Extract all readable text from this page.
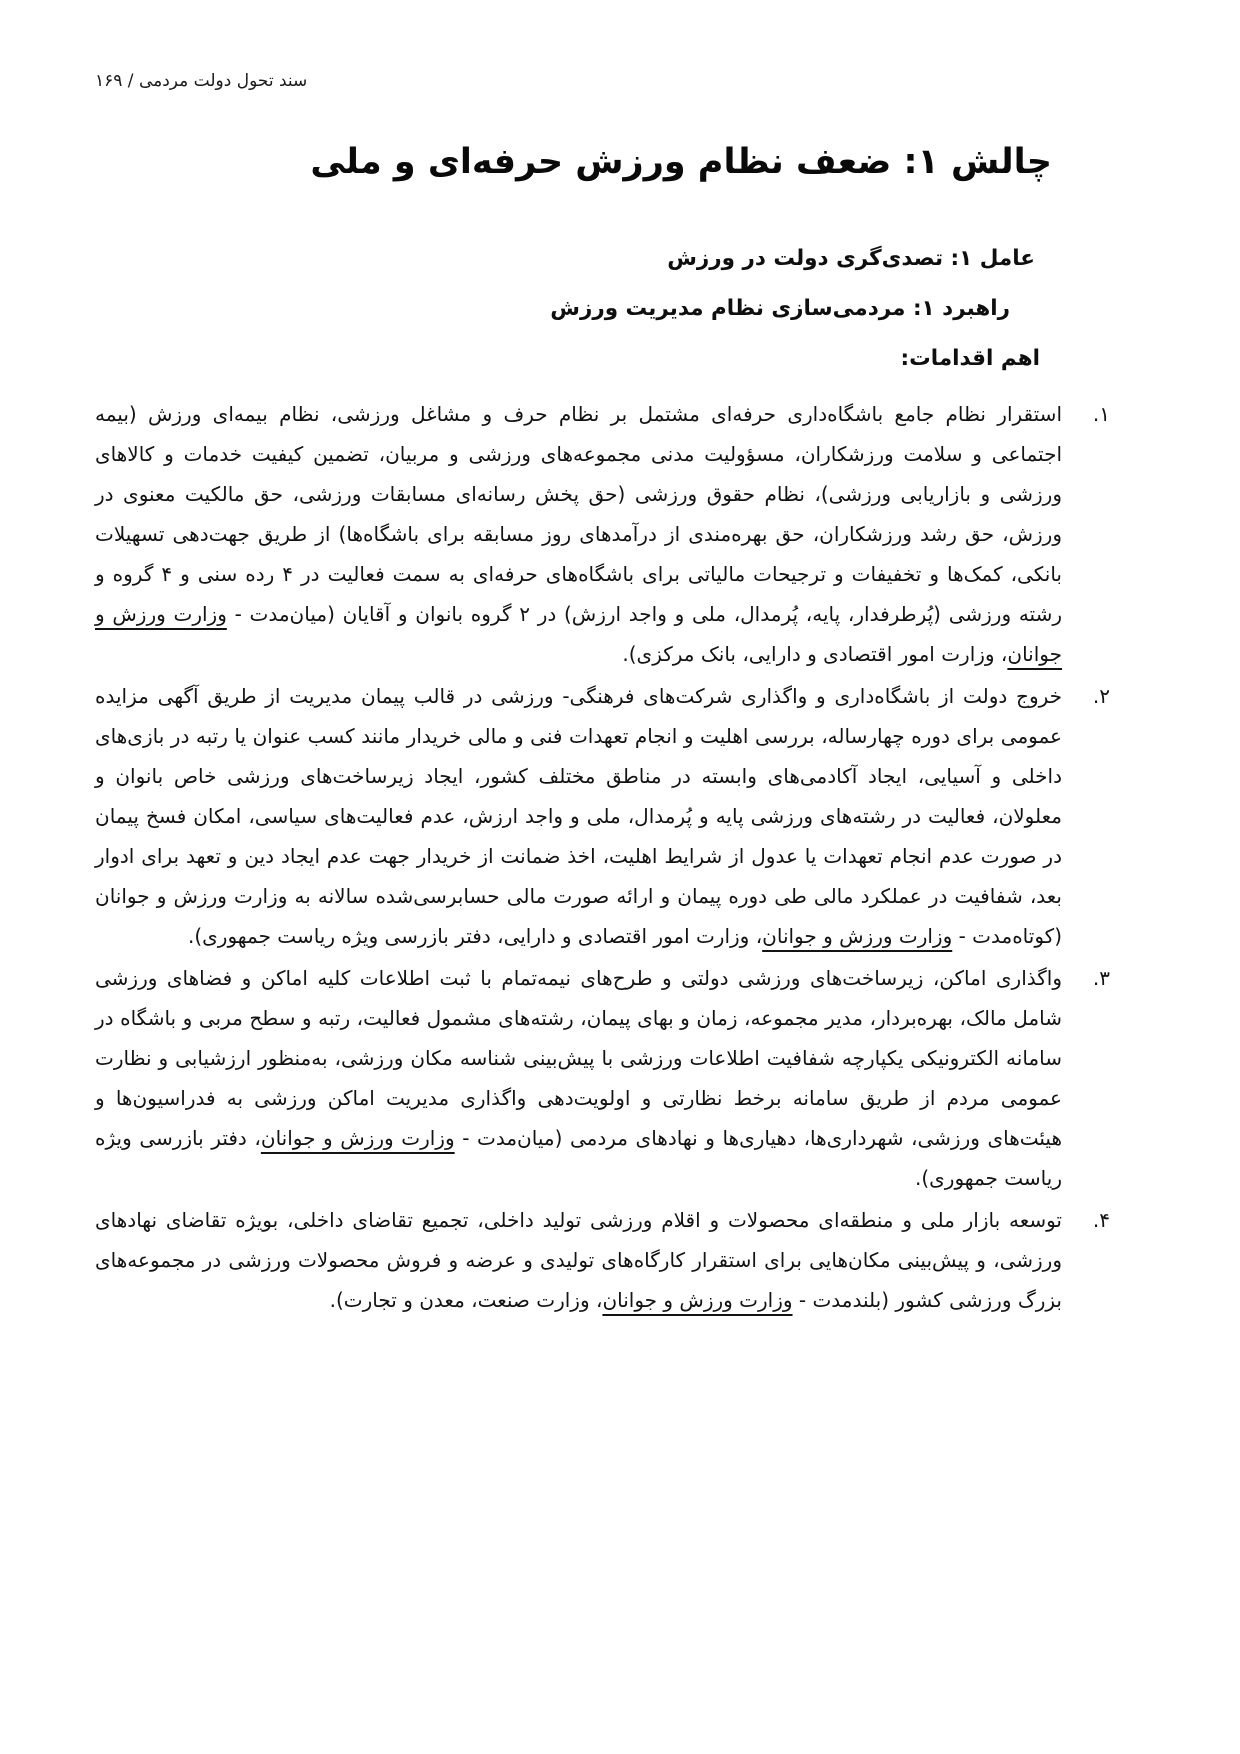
سند تحول دولت مردمی / ۱۶۹
چالش ۱: ضعف نظام ورزش حرفه‌ای و ملی
عامل ۱: تصدی‌گری دولت در ورزش
راهبرد ۱: مردمی‌سازی نظام مدیریت ورزش
اهم اقدامات:
۱.
استقرار نظام جامع باشگاه‌داری حرفه‌ای مشتمل بر نظام حرف و مشاغل ورزشی، نظام بیمه‌ای ورزش (بیمه اجتماعی و سلامت ورزشکاران، مسؤولیت مدنی مجموعه‌های ورزشی و مربیان، تضمین کیفیت خدمات و کالاهای ورزشی و بازاریابی ورزشی)، نظام حقوق ورزشی (حق پخش رسانه‌ای مسابقات ورزشی، حق مالکیت معنوی در ورزش، حق رشد ورزشکاران، حق بهره‌مندی از درآمدهای روز مسابقه برای باشگاه‌ها) از طریق جهت‌دهی تسهیلات بانکی، کمک‌ها و تخفیفات و ترجیحات مالیاتی برای باشگاه‌های حرفه‌ای به سمت فعالیت در ۴ رده سنی و ۴ گروه و رشته ورزشی (پُرطرفدار، پایه، پُرمدال، ملی و واجد ارزش) در ۲ گروه بانوان و آقایان (میان‌مدت - وزارت ورزش و جوانان، وزارت امور اقتصادی و دارایی، بانک مرکزی).
۲.
خروج دولت از باشگاه‌داری و واگذاری شرکت‌های فرهنگی- ورزشی در قالب پیمان مدیریت از طریق آگهی مزایده عمومی برای دوره چهارساله، بررسی اهلیت و انجام تعهدات فنی و مالی خریدار مانند کسب عنوان یا رتبه در بازی‌های داخلی و آسیایی، ایجاد آکادمی‌های وابسته در مناطق مختلف کشور، ایجاد زیرساخت‌های ورزشی خاص بانوان و معلولان، فعالیت در رشته‌های ورزشی پایه و پُرمدال، ملی و واجد ارزش، عدم فعالیت‌های سیاسی، امکان فسخ پیمان در صورت عدم انجام تعهدات یا عدول از شرایط اهلیت، اخذ ضمانت از خریدار جهت عدم ایجاد دین و تعهد برای ادوار بعد، شفافیت در عملکرد مالی طی دوره پیمان و ارائه صورت مالی حسابرسی‌شده سالانه به وزارت ورزش و جوانان (کوتاه‌مدت - وزارت ورزش و جوانان، وزارت امور اقتصادی و دارایی، دفتر بازرسی ویژه ریاست جمهوری).
۳.
واگذاری اماکن، زیرساخت‌های ورزشی دولتی و طرح‌های نیمه‌تمام با ثبت اطلاعات کلیه اماکن و فضاهای ورزشی شامل مالک، بهره‌بردار، مدیر مجموعه، زمان و بهای پیمان، رشته‌های مشمول فعالیت، رتبه و سطح مربی و باشگاه در سامانه الکترونیکی یکپارچه شفافیت اطلاعات ورزشی با پیش‌بینی شناسه مکان ورزشی، به‌منظور ارزشیابی و نظارت عمومی مردم از طریق سامانه برخط نظارتی و اولویت‌دهی واگذاری مدیریت اماکن ورزشی به فدراسیون‌ها و هیئت‌های ورزشی، شهرداری‌ها، دهیاری‌ها و نهادهای مردمی (میان‌مدت - وزارت ورزش و جوانان، دفتر بازرسی ویژه ریاست جمهوری).
۴.
توسعه بازار ملی و منطقه‌ای محصولات و اقلام ورزشی تولید داخلی، تجمیع تقاضای داخلی، بویژه تقاضای نهادهای ورزشی، و پیش‌بینی مکان‌هایی برای استقرار کارگاه‌های تولیدی و عرضه و فروش محصولات ورزشی در مجموعه‌های بزرگ ورزشی کشور (بلندمدت - وزارت ورزش و جوانان، وزارت صنعت، معدن و تجارت).
